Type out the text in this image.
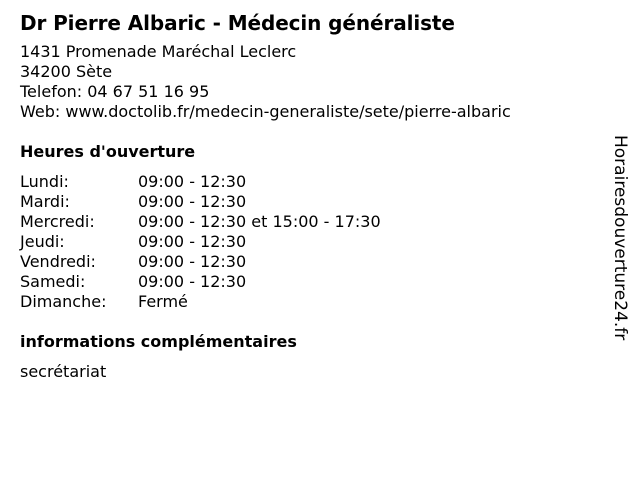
Dr Pierre Albaric - Médecin généraliste
1431 Promenade Maréchal Leclerc
34200 Sète
Telefon: 04 67 51 16 95
Web: www.doctolib.fr/medecin-generaliste/sete/pierre-albaric
Heures d'ouverture
Lundi:	09:00 - 12:30
Mardi:	09:00 - 12:30
Mercredi:	09:00 - 12:30 et 15:00 - 17:30
Jeudi:	09:00 - 12:30
Vendredi:	09:00 - 12:30
Samedi:	09:00 - 12:30
Dimanche:	Fermé
informations complémentaires
secrétariat
Horairesdouverture24.fr
